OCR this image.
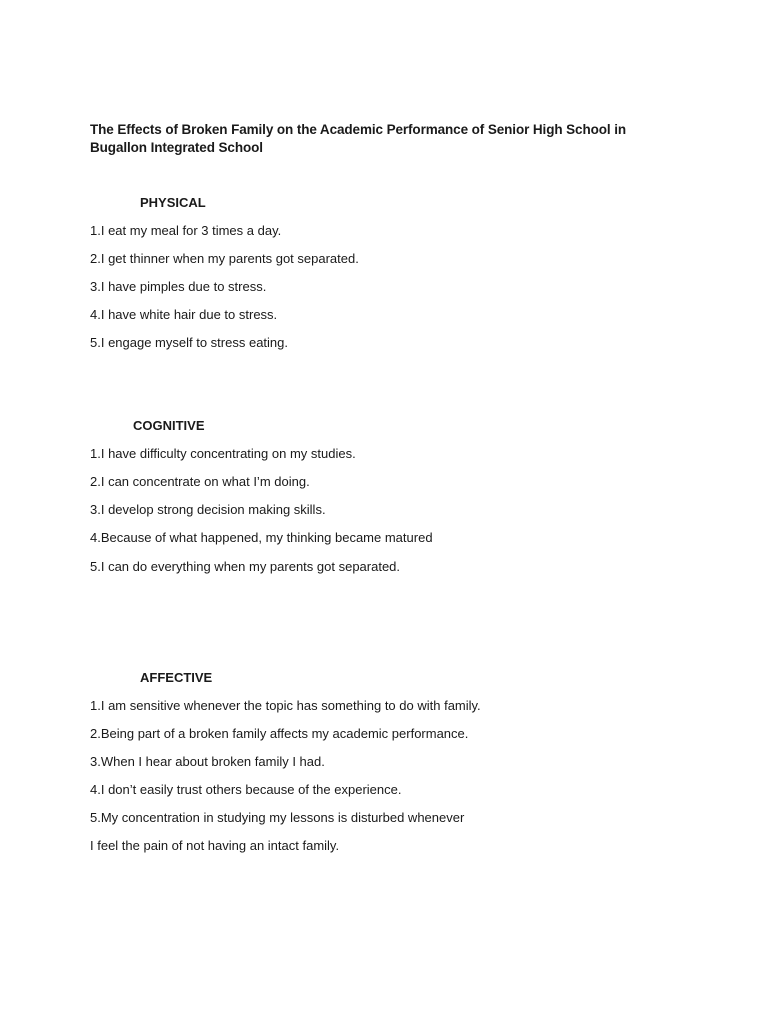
The Effects of Broken Family on the Academic Performance of Senior High School in
Bugallon Integrated School
PHYSICAL
1.I eat my meal for 3 times a day.
2.I get thinner when my parents got separated.
3.I have pimples due to stress.
4.I have white hair due to stress.
5.I engage myself to stress eating.
COGNITIVE
1.I have difficulty concentrating on my studies.
2.I can concentrate on what I’m doing.
3.I develop strong decision making skills.
4.Because of what happened, my thinking became matured
5.I can do everything when my parents got separated.
AFFECTIVE
1.I am sensitive whenever the topic has something to do with family.
2.Being part of a broken family affects my academic performance.
3.When I hear about broken family I had.
4.I don’t easily trust others because of the experience.
5.My concentration in studying my lessons is disturbed whenever
I feel the pain of not having an intact family.
